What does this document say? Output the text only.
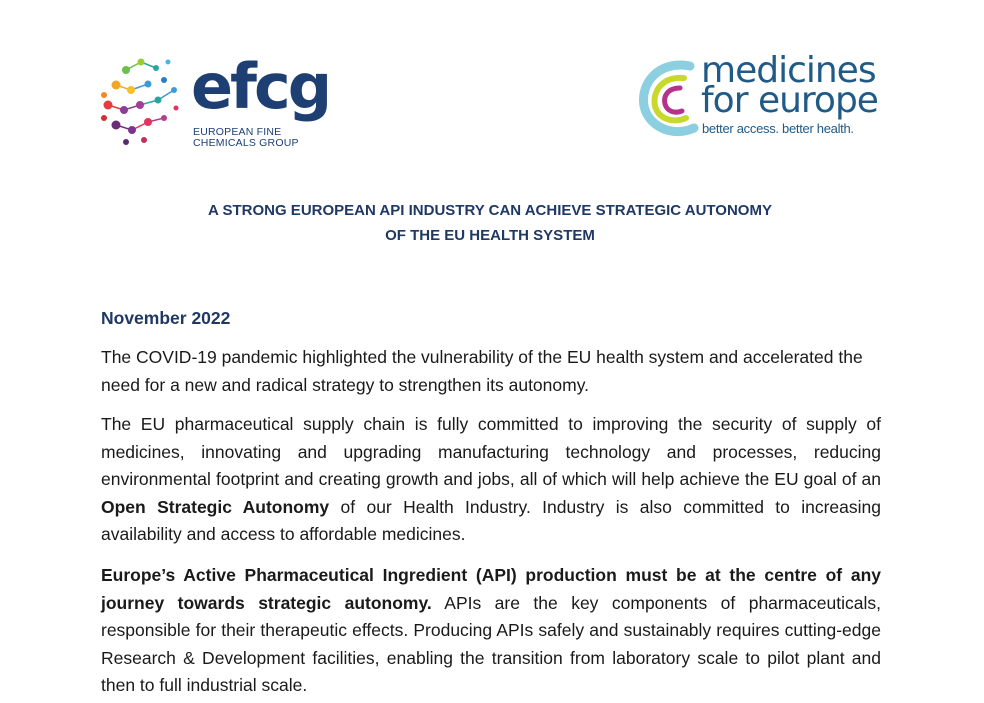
efcg
EUROPEAN FINE
CHEMICALS GROUP
medicines
for europe
better access. better health.
A STRONG EUROPEAN API INDUSTRY CAN ACHIEVE STRATEGIC AUTONOMY
OF THE EU HEALTH SYSTEM
November 2022

The COVID-19 pandemic highlighted the vulnerability of the EU health system and accelerated the need for a new and radical strategy to strengthen its autonomy.

The EU pharmaceutical supply chain is fully committed to improving the security of supply of medicines, innovating and upgrading manufacturing technology and processes, reducing environmental footprint and creating growth and jobs, all of which will help achieve the EU goal of an Open Strategic Autonomy of our Health Industry. Industry is also committed to increasing availability and access to affordable medicines.

Europe’s Active Pharmaceutical Ingredient (API) production must be at the centre of any journey towards strategic autonomy. APIs are the key components of pharmaceuticals, responsible for their therapeutic effects. Producing APIs safely and sustainably requires cutting-edge Research & Development facilities, enabling the transition from laboratory scale to pilot plant and then to full industrial scale.
